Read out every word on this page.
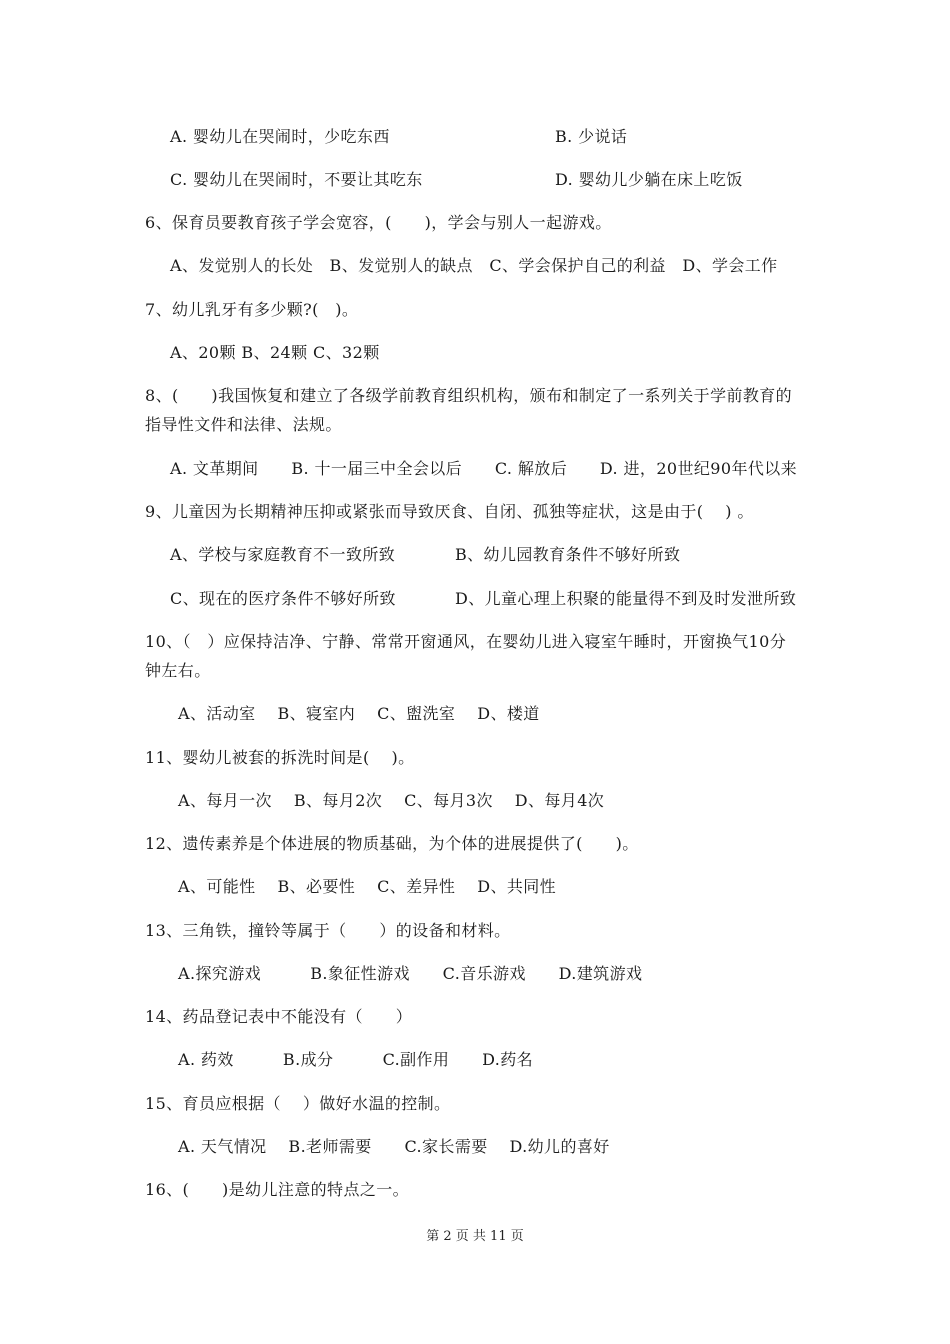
A. 婴幼儿在哭闹时，少吃东西	B. 少说话
C. 婴幼儿在哭闹时，不要让其吃东	D. 婴幼儿少躺在床上吃饭
6、保育员要教育孩子学会宽容，(　　)，学会与别人一起游戏。
A、发觉别人的长处　B、发觉别人的缺点　C、学会保护自己的利益　D、学会工作
7、幼儿乳牙有多少颗?(　)。
A、20颗 B、24颗 C、32颗
8、(　　)我国恢复和建立了各级学前教育组织机构，颁布和制定了一系列关于学前教育的
指导性文件和法律、法规。
A. 文革期间　　B. 十一届三中全会以后　　C. 解放后　　D. 进，20世纪90年代以来
9、儿童因为长期精神压抑或紧张而导致厌食、自闭、孤独等症状，这是由于(　 ) 。
A、学校与家庭教育不一致所致	B、幼儿园教育条件不够好所致
C、现在的医疗条件不够好所致	D、儿童心理上积聚的能量得不到及时发泄所致
10、（　）应保持洁净、宁静、常常开窗通风，在婴幼儿进入寝室午睡时，开窗换气10分
钟左右。
A、活动室　 B、寝室内　 C、盥洗室　 D、楼道
11、婴幼儿被套的拆洗时间是(　 )。
A、每月一次　 B、每月2次　 C、每月3次　 D、每月4次
12、遗传素养是个体进展的物质基础，为个体的进展提供了(　　)。
A、可能性　 B、必要性　 C、差异性　 D、共同性
13、三角铁，撞铃等属于（　　）的设备和材料。
A.探究游戏　　　B.象征性游戏　　C.音乐游戏　　D.建筑游戏
14、药品登记表中不能没有（　　）
A. 药效　　　B.成分　　　C.副作用　　D.药名
15、育员应根据（　 ）做好水温的控制。
A. 天气情况　 B.老师需要　　C.家长需要　 D.幼儿的喜好
16、(　　)是幼儿注意的特点之一。
第 2 页 共 11 页
